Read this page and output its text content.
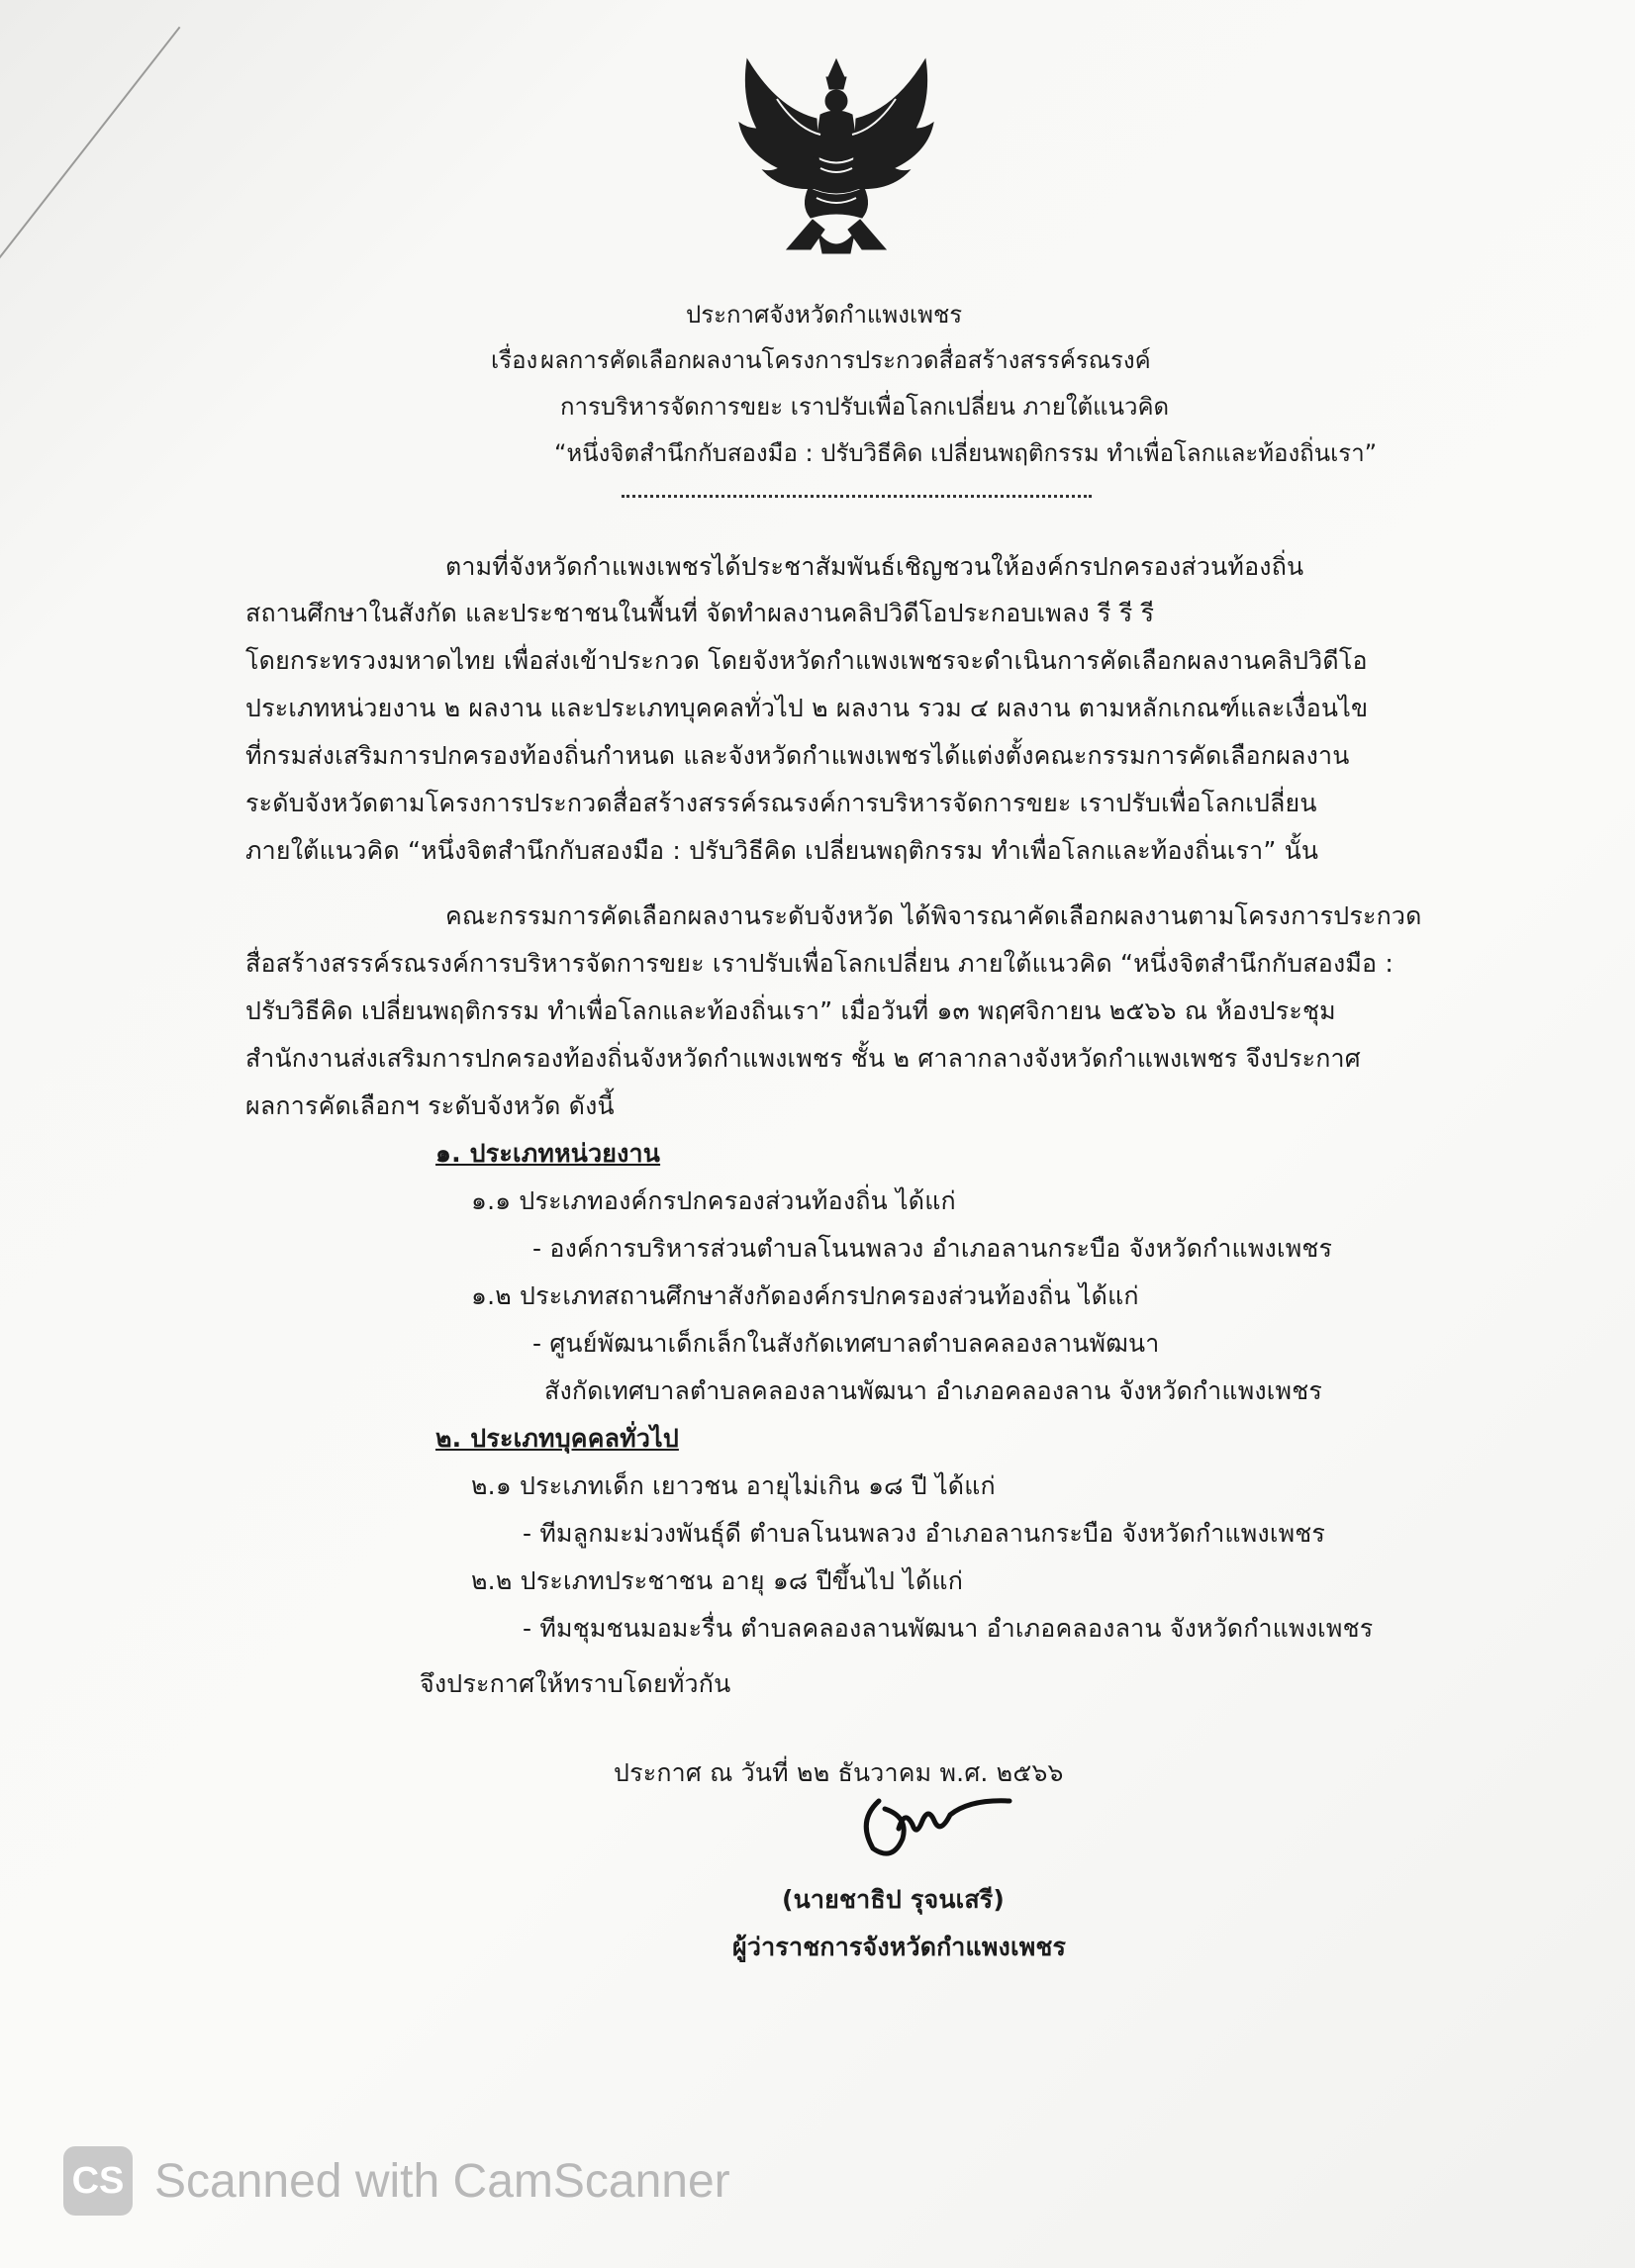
ประกาศจังหวัดกำแพงเพชร
เรื่อง ผลการคัดเลือกผลงานโครงการประกวดสื่อสร้างสรรค์รณรงค์
การบริหารจัดการขยะ เราปรับเพื่อโลกเปลี่ยน ภายใต้แนวคิด
“หนึ่งจิตสำนึกกับสองมือ : ปรับวิธีคิด เปลี่ยนพฤติกรรม ทำเพื่อโลกและท้องถิ่นเรา”
ตามที่จังหวัดกำแพงเพชรได้ประชาสัมพันธ์เชิญชวนให้องค์กรปกครองส่วนท้องถิ่น
สถานศึกษาในสังกัด และประชาชนในพื้นที่ จัดทำผลงานคลิปวิดีโอประกอบเพลง รี รี รี
โดยกระทรวงมหาดไทย เพื่อส่งเข้าประกวด โดยจังหวัดกำแพงเพชรจะดำเนินการคัดเลือกผลงานคลิปวิดีโอ
ประเภทหน่วยงาน ๒ ผลงาน และประเภทบุคคลทั่วไป ๒ ผลงาน รวม ๔ ผลงาน ตามหลักเกณฑ์และเงื่อนไข
ที่กรมส่งเสริมการปกครองท้องถิ่นกำหนด และจังหวัดกำแพงเพชรได้แต่งตั้งคณะกรรมการคัดเลือกผลงาน
ระดับจังหวัดตามโครงการประกวดสื่อสร้างสรรค์รณรงค์การบริหารจัดการขยะ เราปรับเพื่อโลกเปลี่ยน
ภายใต้แนวคิด “หนึ่งจิตสำนึกกับสองมือ : ปรับวิธีคิด เปลี่ยนพฤติกรรม ทำเพื่อโลกและท้องถิ่นเรา” นั้น
คณะกรรมการคัดเลือกผลงานระดับจังหวัด ได้พิจารณาคัดเลือกผลงานตามโครงการประกวด
สื่อสร้างสรรค์รณรงค์การบริหารจัดการขยะ เราปรับเพื่อโลกเปลี่ยน ภายใต้แนวคิด “หนึ่งจิตสำนึกกับสองมือ :
ปรับวิธีคิด เปลี่ยนพฤติกรรม ทำเพื่อโลกและท้องถิ่นเรา” เมื่อวันที่ ๑๓ พฤศจิกายน ๒๕๖๖ ณ ห้องประชุม
สำนักงานส่งเสริมการปกครองท้องถิ่นจังหวัดกำแพงเพชร ชั้น ๒ ศาลากลางจังหวัดกำแพงเพชร จึงประกาศ
ผลการคัดเลือกฯ ระดับจังหวัด ดังนี้
๑. ประเภทหน่วยงาน
๑.๑ ประเภทองค์กรปกครองส่วนท้องถิ่น ได้แก่
- องค์การบริหารส่วนตำบลโนนพลวง อำเภอลานกระบือ จังหวัดกำแพงเพชร
๑.๒ ประเภทสถานศึกษาสังกัดองค์กรปกครองส่วนท้องถิ่น ได้แก่
- ศูนย์พัฒนาเด็กเล็กในสังกัดเทศบาลตำบลคลองลานพัฒนา
สังกัดเทศบาลตำบลคลองลานพัฒนา อำเภอคลองลาน จังหวัดกำแพงเพชร
๒. ประเภทบุคคลทั่วไป
๒.๑ ประเภทเด็ก เยาวชน อายุไม่เกิน ๑๘ ปี ได้แก่
- ทีมลูกมะม่วงพันธุ์ดี ตำบลโนนพลวง อำเภอลานกระบือ จังหวัดกำแพงเพชร
๒.๒ ประเภทประชาชน อายุ ๑๘ ปีขึ้นไป ได้แก่
- ทีมชุมชนมอมะรื่น ตำบลคลองลานพัฒนา อำเภอคลองลาน จังหวัดกำแพงเพชร
จึงประกาศให้ทราบโดยทั่วกัน
ประกาศ ณ วันที่ ๒๒ ธันวาคม พ.ศ. ๒๕๖๖
(นายชาธิป รุจนเสรี)
ผู้ว่าราชการจังหวัดกำแพงเพชร
CS Scanned with CamScanner
